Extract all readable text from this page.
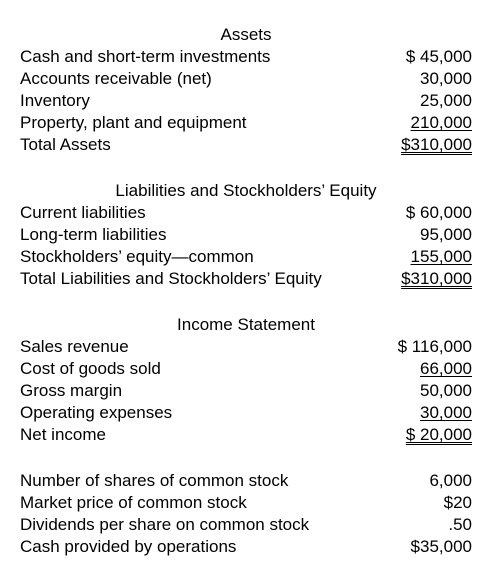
Assets
Cash and short-term investments	$ 45,000
Accounts receivable (net)	30,000
Inventory	25,000
Property, plant and equipment	210,000
Total Assets	$310,000
Liabilities and Stockholders’ Equity
Current liabilities	$ 60,000
Long-term liabilities	95,000
Stockholders’ equity—common	155,000
Total Liabilities and Stockholders’ Equity	$310,000
Income Statement
Sales revenue	$ 116,000
Cost of goods sold	66,000
Gross margin	50,000
Operating expenses	30,000
Net income	$ 20,000
Number of shares of common stock	6,000
Market price of common stock	$20
Dividends per share on common stock	.50
Cash provided by operations	$35,000
